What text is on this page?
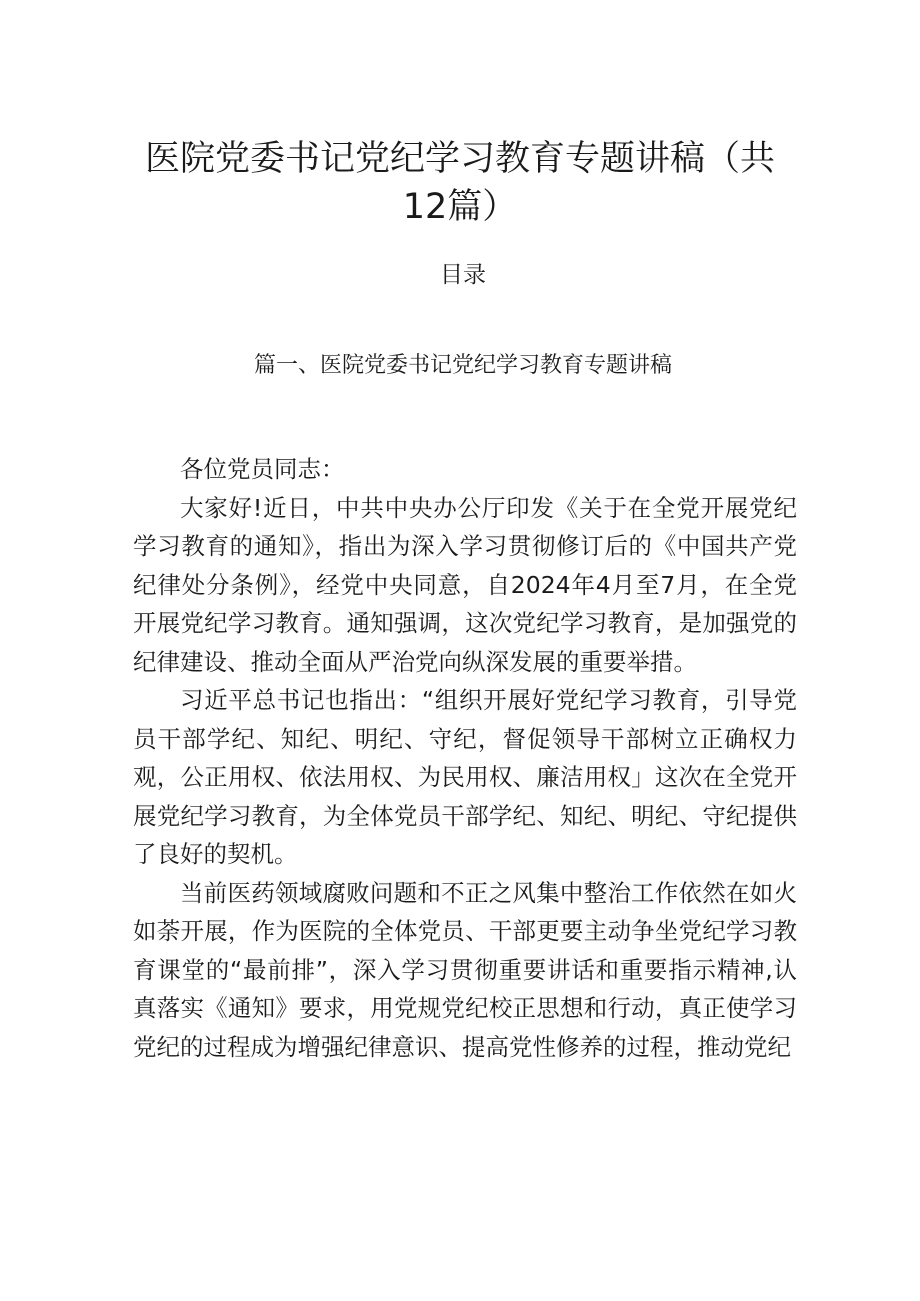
医院党委书记党纪学习教育专题讲稿（共12篇）
目录
篇一、医院党委书记党纪学习教育专题讲稿

各位党员同志：

大家好!近日，中共中央办公厅印发《关于在全党开展党纪学习教育的通知》，指出为深入学习贯彻修订后的《中国共产党纪律处分条例》，经党中央同意，自2024年4月至7月，在全党开展党纪学习教育。通知强调，这次党纪学习教育，是加强党的纪律建设、推动全面从严治党向纵深发展的重要举措。

习近平总书记也指出：“组织开展好党纪学习教育，引导党员干部学纪、知纪、明纪、守纪，督促领导干部树立正确权力观，公正用权、依法用权、为民用权、廉洁用权」这次在全党开展党纪学习教育，为全体党员干部学纪、知纪、明纪、守纪提供了良好的契机。

当前医药领域腐败问题和不正之风集中整治工作依然在如火如荼开展，作为医院的全体党员、干部更要主动争坐党纪学习教育课堂的“最前排”，深入学习贯彻重要讲话和重要指示精神,认真落实《通知》要求，用党规党纪校正思想和行动，真正使学习党纪的过程成为增强纪律意识、提高党性修养的过程，推动党纪
